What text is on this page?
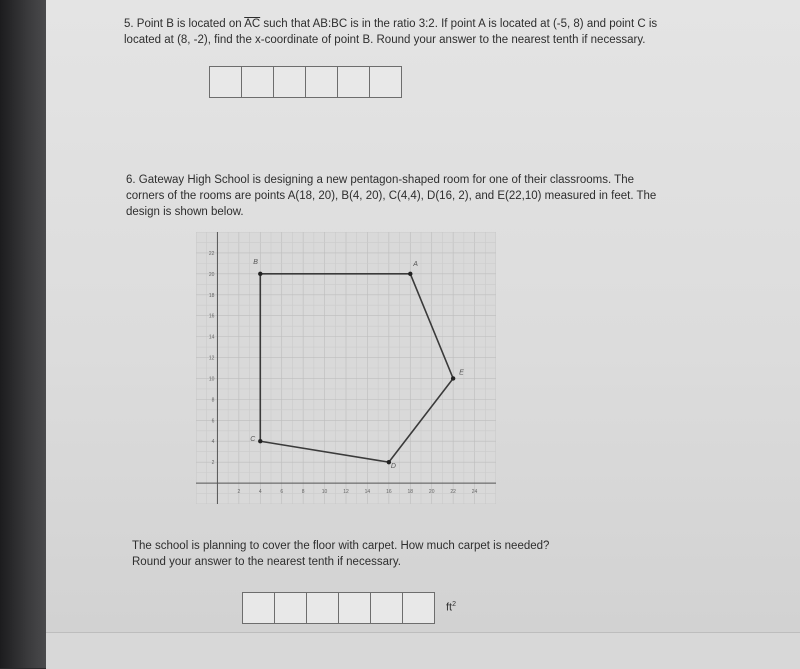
5. Point B is located on $\overline{AC}$ such that AB:BC is in the ratio 3:2. If point A is located at (-5, 8) and point C is
located at (8, -2), find the x-coordinate of point B. Round your answer to the nearest tenth if necessary.
6. Gateway High School is designing a new pentagon-shaped room for one of their classrooms. The
corners of the rooms are points A(18, 20), B(4, 20), C(4,4), D(16, 2), and E(22,10) measured in feet. The
design is shown below.
2	4	6	8	10	12	14	16	18	20	22	24
2
4
6
8
10
12
14
16
18
20
22
A
B
C
D
E
The school is planning to cover the floor with carpet. How much carpet is needed?
Round your answer to the nearest tenth if necessary.
$ft^2$
